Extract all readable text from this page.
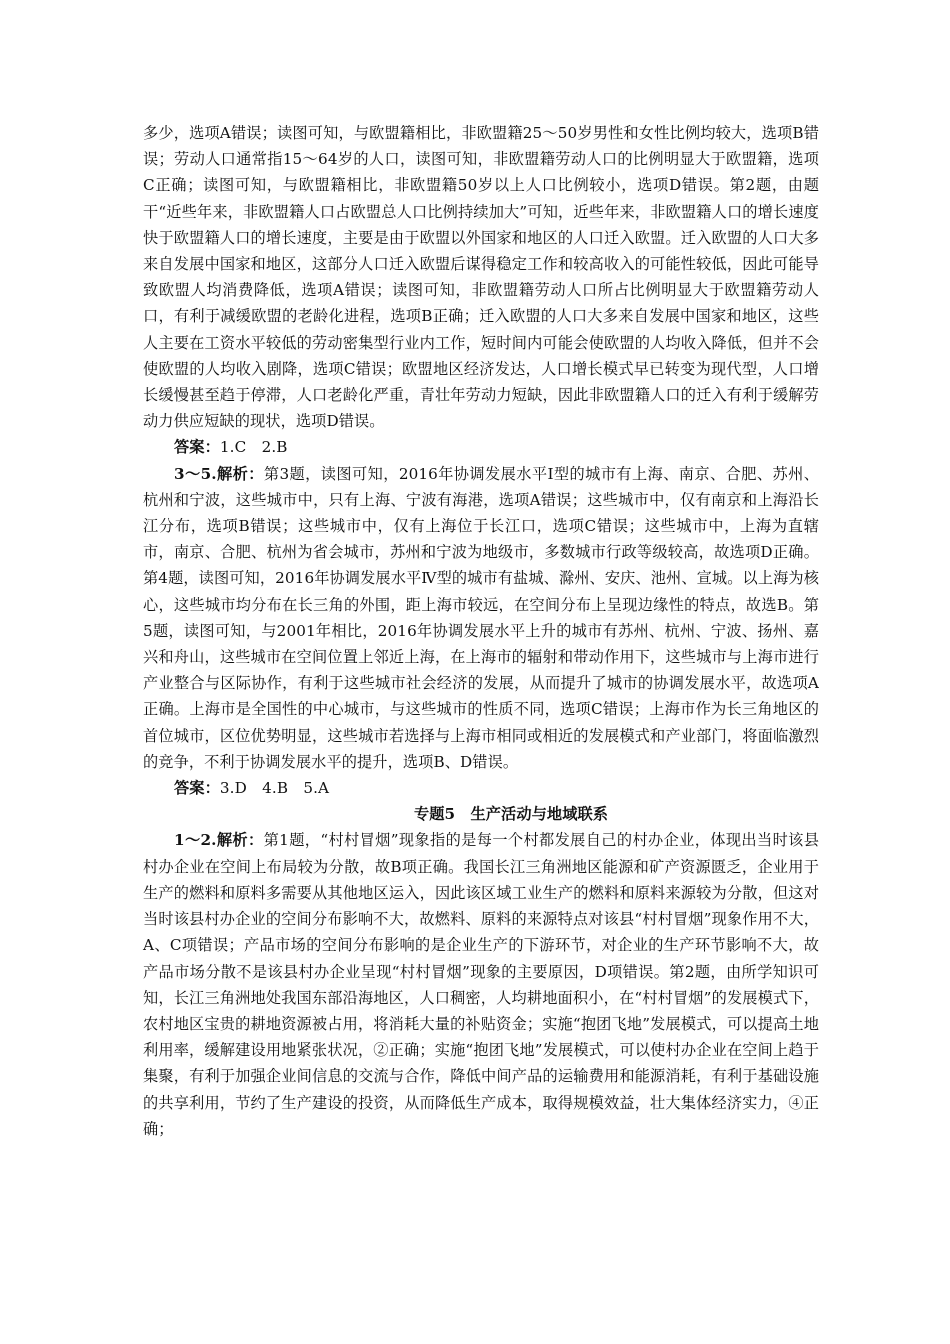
多少，选项A错误；读图可知，与欧盟籍相比，非欧盟籍25～50岁男性和女性比例均较大，选项B错误；劳动人口通常指15～64岁的人口，读图可知，非欧盟籍劳动人口的比例明显大于欧盟籍，选项C正确；读图可知，与欧盟籍相比，非欧盟籍50岁以上人口比例较小，选项D错误。第2题，由题干“近些年来，非欧盟籍人口占欧盟总人口比例持续加大”可知，近些年来，非欧盟籍人口的增长速度快于欧盟籍人口的增长速度，主要是由于欧盟以外国家和地区的人口迁入欧盟。迁入欧盟的人口大多来自发展中国家和地区，这部分人口迁入欧盟后谋得稳定工作和较高收入的可能性较低，因此可能导致欧盟人均消费降低，选项A错误；读图可知，非欧盟籍劳动人口所占比例明显大于欧盟籍劳动人口，有利于减缓欧盟的老龄化进程，选项B正确；迁入欧盟的人口大多来自发展中国家和地区，这些人主要在工资水平较低的劳动密集型行业内工作，短时间内可能会使欧盟的人均收入降低，但并不会使欧盟的人均收入剧降，选项C错误；欧盟地区经济发达，人口增长模式早已转变为现代型，人口增长缓慢甚至趋于停滞，人口老龄化严重，青壮年劳动力短缺，因此非欧盟籍人口的迁入有利于缓解劳动力供应短缺的现状，选项D错误。

答案：1.C　2.B

3～5.解析：第3题，读图可知，2016年协调发展水平Ⅰ型的城市有上海、南京、合肥、苏州、杭州和宁波，这些城市中，只有上海、宁波有海港，选项A错误；这些城市中，仅有南京和上海沿长江分布，选项B错误；这些城市中，仅有上海位于长江口，选项C错误；这些城市中，上海为直辖市，南京、合肥、杭州为省会城市，苏州和宁波为地级市，多数城市行政等级较高，故选项D正确。第4题，读图可知，2016年协调发展水平Ⅳ型的城市有盐城、滁州、安庆、池州、宣城。以上海为核心，这些城市均分布在长三角的外围，距上海市较远，在空间分布上呈现边缘性的特点，故选B。第5题，读图可知，与2001年相比，2016年协调发展水平上升的城市有苏州、杭州、宁波、扬州、嘉兴和舟山，这些城市在空间位置上邻近上海，在上海市的辐射和带动作用下，这些城市与上海市进行产业整合与区际协作，有利于这些城市社会经济的发展，从而提升了城市的协调发展水平，故选项A正确。上海市是全国性的中心城市，与这些城市的性质不同，选项C错误；上海市作为长三角地区的首位城市，区位优势明显，这些城市若选择与上海市相同或相近的发展模式和产业部门，将面临激烈的竞争，不利于协调发展水平的提升，选项B、D错误。

答案：3.D　4.B　5.A

专题5　生产活动与地域联系

1～2.解析：第1题，“村村冒烟”现象指的是每一个村都发展自己的村办企业，体现出当时该县村办企业在空间上布局较为分散，故B项正确。我国长江三角洲地区能源和矿产资源匮乏，企业用于生产的燃料和原料多需要从其他地区运入，因此该区域工业生产的燃料和原料来源较为分散，但这对当时该县村办企业的空间分布影响不大，故燃料、原料的来源特点对该县“村村冒烟”现象作用不大，A、C项错误；产品市场的空间分布影响的是企业生产的下游环节，对企业的生产环节影响不大，故产品市场分散不是该县村办企业呈现“村村冒烟”现象的主要原因，D项错误。第2题，由所学知识可知，长江三角洲地处我国东部沿海地区，人口稠密，人均耕地面积小，在“村村冒烟”的发展模式下，农村地区宝贵的耕地资源被占用，将消耗大量的补贴资金；实施“抱团飞地”发展模式，可以提高土地利用率，缓解建设用地紧张状况，②正确；实施“抱团飞地”发展模式，可以使村办企业在空间上趋于集聚，有利于加强企业间信息的交流与合作，降低中间产品的运输费用和能源消耗，有利于基础设施的共享利用，节约了生产建设的投资，从而降低生产成本，取得规模效益，壮大集体经济实力，④正确；
